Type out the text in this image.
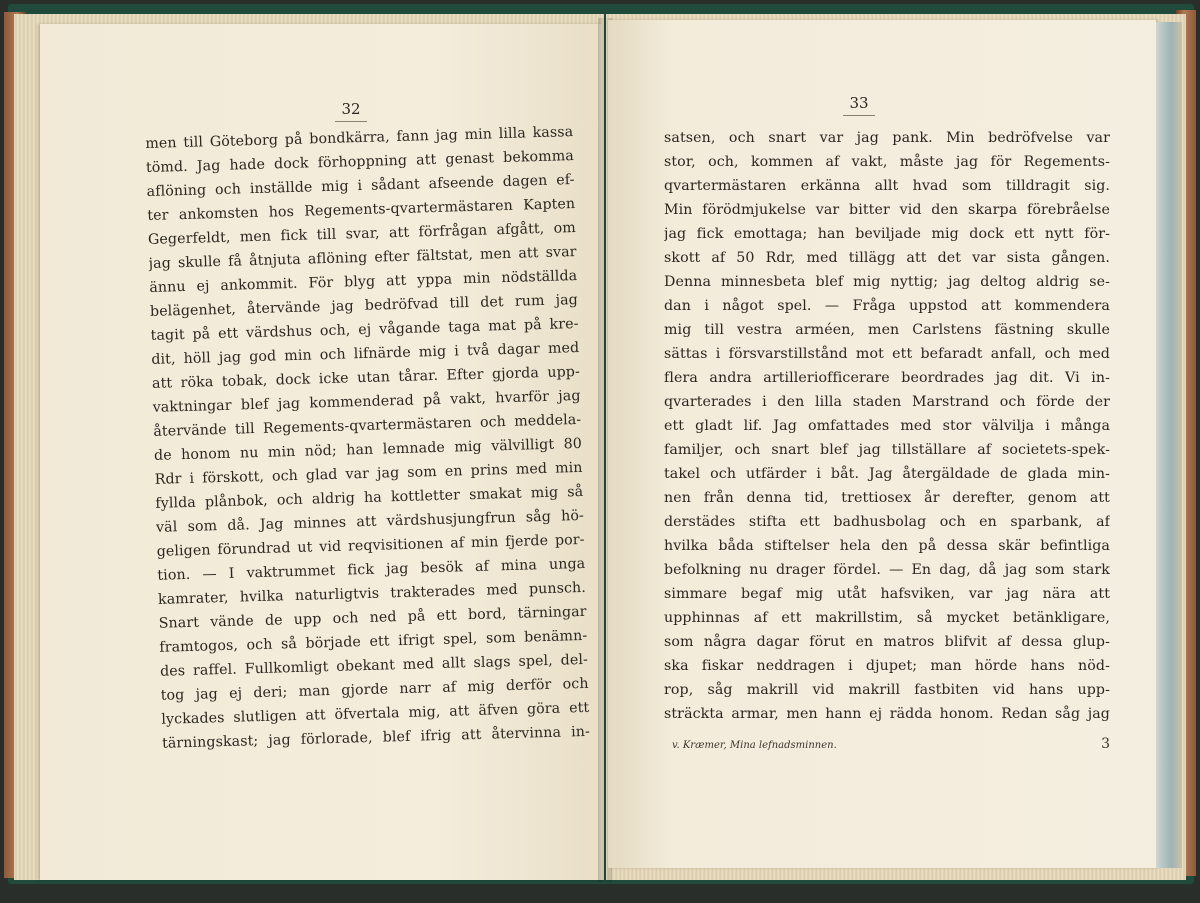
32
men till Göteborg på bondkärra, fann jag min lilla kassa
tömd. Jag hade dock förhoppning att genast bekomma
aflöning och inställde mig i sådant afseende dagen ef-
ter ankomsten hos Regements-qvartermästaren Kapten
Gegerfeldt, men fick till svar, att förfrågan afgått, om
jag skulle få åtnjuta aflöning efter fältstat, men att svar
ännu ej ankommit. För blyg att yppa min nödställda
belägenhet, återvände jag bedröfvad till det rum jag
tagit på ett värdshus och, ej vågande taga mat på kre-
dit, höll jag god min och lifnärde mig i två dagar med
att röka tobak, dock icke utan tårar. Efter gjorda upp-
vaktningar blef jag kommenderad på vakt, hvarför jag
återvände till Regements-qvartermästaren och meddela-
de honom nu min nöd; han lemnade mig välvilligt 80
Rdr i förskott, och glad var jag som en prins med min
fyllda plånbok, och aldrig ha kottletter smakat mig så
väl som då. Jag minnes att värdshusjungfrun såg hö-
geligen förundrad ut vid reqvisitionen af min fjerde por-
tion. — I vaktrummet fick jag besök af mina unga
kamrater, hvilka naturligtvis trakterades med punsch.
Snart vände de upp och ned på ett bord, tärningar
framtogos, och så började ett ifrigt spel, som benämn-
des raffel. Fullkomligt obekant med allt slags spel, del-
tog jag ej deri; man gjorde narr af mig derför och
lyckades slutligen att öfvertala mig, att äfven göra ett
tärningskast; jag förlorade, blef ifrig att återvinna in-
33
satsen, och snart var jag pank. Min bedröfvelse var
stor, och, kommen af vakt, måste jag för Regements-
qvartermästaren erkänna allt hvad som tilldragit sig.
Min förödmjukelse var bitter vid den skarpa förebråelse
jag fick emottaga; han beviljade mig dock ett nytt för-
skott af 50 Rdr, med tillägg att det var sista gången.
Denna minnesbeta blef mig nyttig; jag deltog aldrig se-
dan i något spel. — Fråga uppstod att kommendera
mig till vestra arméen, men Carlstens fästning skulle
sättas i försvarstillstånd mot ett befaradt anfall, och med
flera andra artilleriofficerare beordrades jag dit. Vi in-
qvarterades i den lilla staden Marstrand och förde der
ett gladt lif. Jag omfattades med stor välvilja i många
familjer, och snart blef jag tillställare af societets-spek-
takel och utfärder i båt. Jag återgäldade de glada min-
nen från denna tid, trettiosex år derefter, genom att
derstädes stifta ett badhusbolag och en sparbank, af
hvilka båda stiftelser hela den på dessa skär befintliga
befolkning nu drager fördel. — En dag, då jag som stark
simmare begaf mig utåt hafsviken, var jag nära att
upphinnas af ett makrillstim, så mycket betänkligare,
som några dagar förut en matros blifvit af dessa glup-
ska fiskar neddragen i djupet; man hörde hans nöd-
rop, såg makrill vid makrill fastbiten vid hans upp-
sträckta armar, men hann ej rädda honom. Redan såg jag
v. Kræmer, Mina lefnadsminnen.	3
